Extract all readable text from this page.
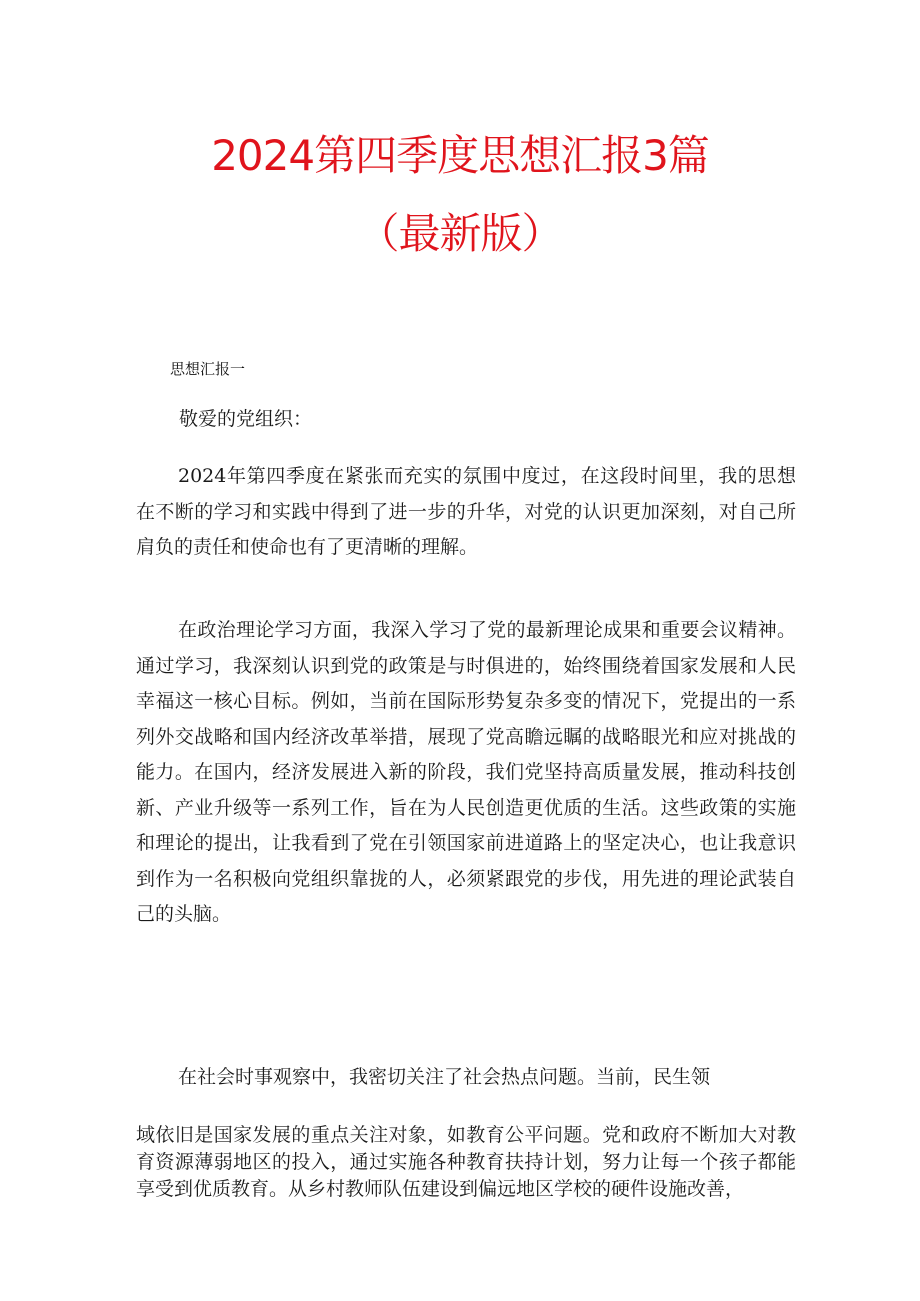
2024第四季度思想汇报3篇
（最新版）
思想汇报一
敬爱的党组织：

2024年第四季度在紧张而充实的氛围中度过，在这段时间里，我的思想在不断的学习和实践中得到了进一步的升华，对党的认识更加深刻，对自己所肩负的责任和使命也有了更清晰的理解。

在政治理论学习方面，我深入学习了党的最新理论成果和重要会议精神。通过学习，我深刻认识到党的政策是与时俱进的，始终围绕着国家发展和人民幸福这一核心目标。例如，当前在国际形势复杂多变的情况下，党提出的一系列外交战略和国内经济改革举措，展现了党高瞻远瞩的战略眼光和应对挑战的能力。在国内，经济发展进入新的阶段，我们党坚持高质量发展，推动科技创新、产业升级等一系列工作，旨在为人民创造更优质的生活。这些政策的实施和理论的提出，让我看到了党在引领国家前进道路上的坚定决心，也让我意识到作为一名积极向党组织靠拢的人，必须紧跟党的步伐，用先进的理论武装自己的头脑。

在社会时事观察中，我密切关注了社会热点问题。当前，民生领

域依旧是国家发展的重点关注对象，如教育公平问题。党和政府不断加大对教育资源薄弱地区的投入，通过实施各种教育扶持计划，努力让每一个孩子都能享受到优质教育。从乡村教师队伍建设到偏远地区学校的硬件设施改善，
